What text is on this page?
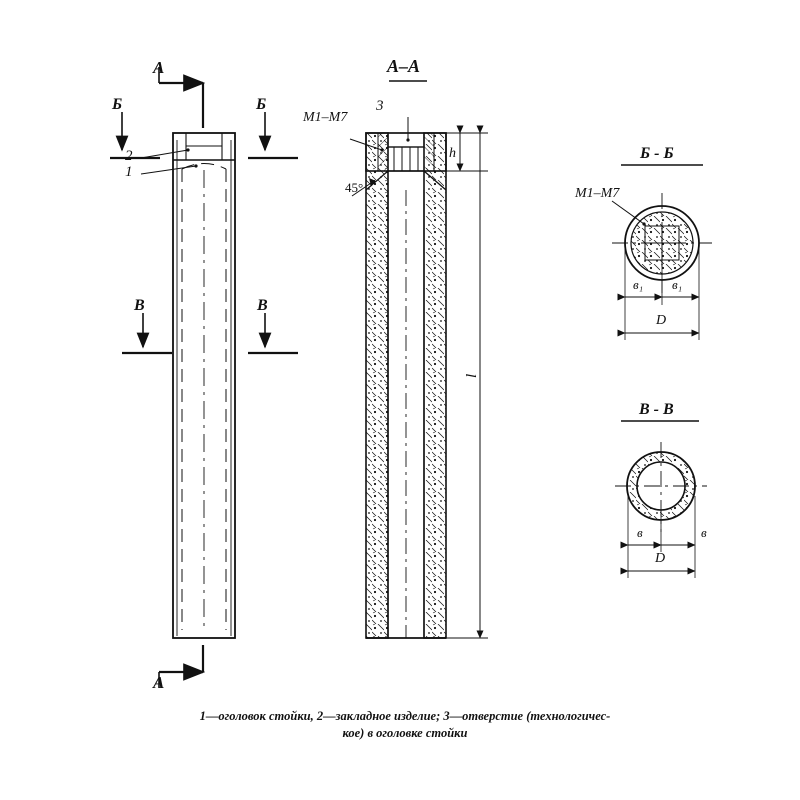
А
А
Б	Б
В	В
2
1
3
А–А
М1–М7
45°
h
l
Б - Б
М1–М7
в₁ в₁
D
В - В
в	в
D
1—оголовок стойки, 2—закладное изделие; 3—отверстие (технологичес-
кое) в оголовке стойки
